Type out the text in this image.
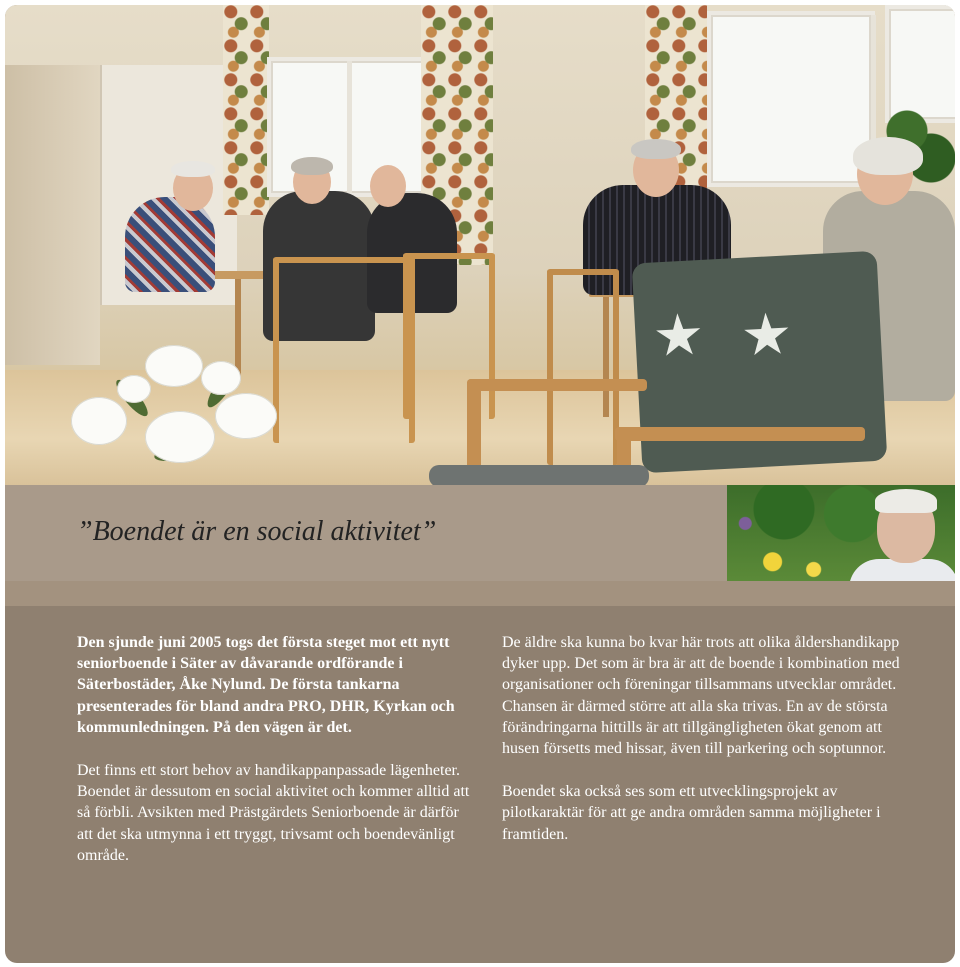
”Boendet är en social aktivitet”

Den sjunde juni 2005 togs det första steget mot ett nytt seniorboende i Säter av dåvarande ordförande i Säterbostäder, Åke Nylund. De första tankarna presenterades för bland andra PRO, DHR, Kyrkan och kommunledningen. På den vägen är det.

Det finns ett stort behov av handikappanpassade lägenheter. Boendet är dessutom en social aktivitet och kommer alltid att så förbli. Avsikten med Prästgärdets Seniorboende är därför att det ska utmynna i ett tryggt, trivsamt och boendevänligt område.

De äldre ska kunna bo kvar här trots att olika åldershandikapp dyker upp. Det som är bra är att de boende i kombination med organisationer och föreningar tillsammans utvecklar området. Chansen är därmed större att alla ska trivas. En av de största förändringarna hittills är att tillgängligheten ökat genom att husen försetts med hissar, även till parkering och soptunnor.

Boendet ska också ses som ett utvecklingsprojekt av pilotkaraktär för att ge andra områden samma möjligheter i framtiden.
